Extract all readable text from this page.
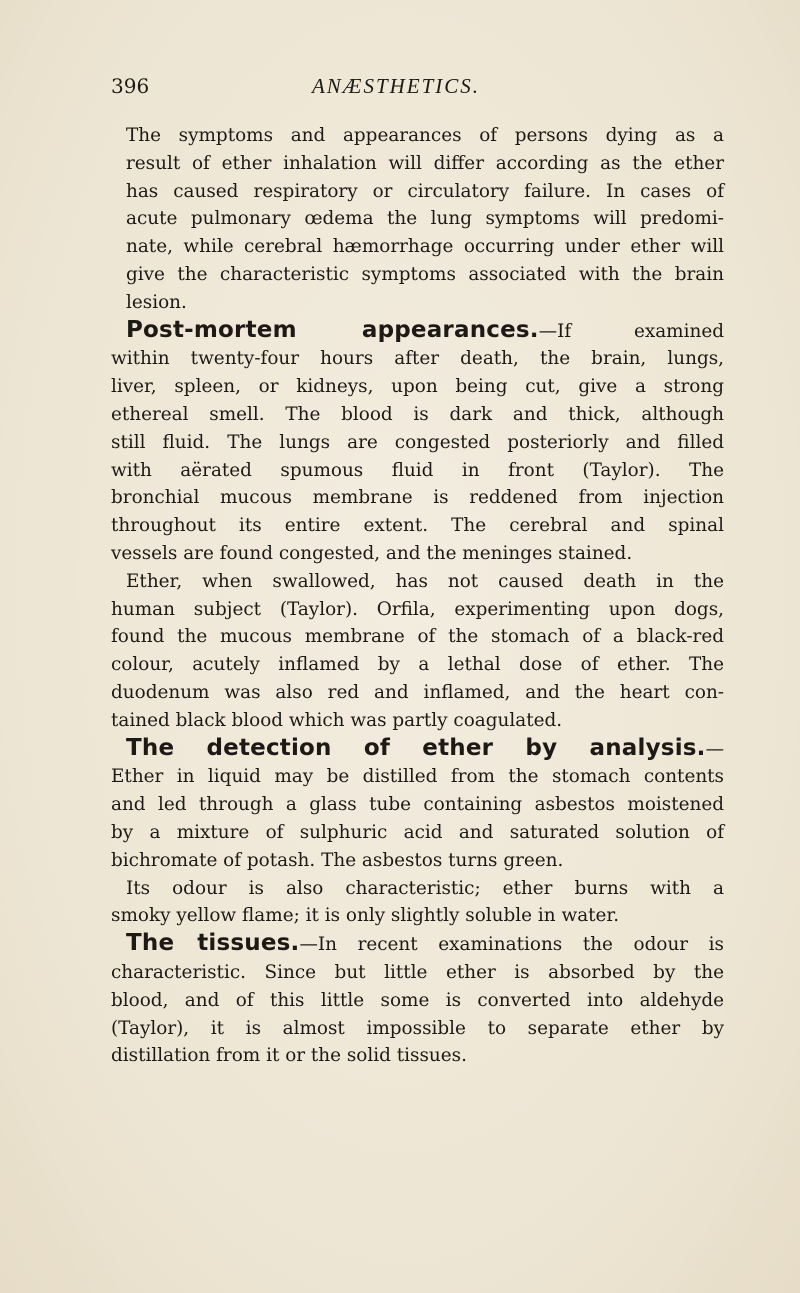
396	ANÆSTHETICS.

The symptoms and appearances of persons dying as a
result of ether inhalation will differ according as the ether
has caused respiratory or circulatory failure. In cases of
acute pulmonary œdema the lung symptoms will predomi-
nate, while cerebral hæmorrhage occurring under ether will
give the characteristic symptoms associated with the brain
lesion.

Post-mortem appearances.—If examined
within twenty-four hours after death, the brain, lungs,
liver, spleen, or kidneys, upon being cut, give a strong
ethereal smell. The blood is dark and thick, although
still fluid. The lungs are congested posteriorly and filled
with aërated spumous fluid in front (Taylor). The
bronchial mucous membrane is reddened from injection
throughout its entire extent. The cerebral and spinal
vessels are found congested, and the meninges stained.

Ether, when swallowed, has not caused death in the
human subject (Taylor). Orfila, experimenting upon dogs,
found the mucous membrane of the stomach of a black-red
colour, acutely inflamed by a lethal dose of ether. The
duodenum was also red and inflamed, and the heart con-
tained black blood which was partly coagulated.

The detection of ether by analysis.—
Ether in liquid may be distilled from the stomach contents
and led through a glass tube containing asbestos moistened
by a mixture of sulphuric acid and saturated solution of
bichromate of potash. The asbestos turns green.

Its odour is also characteristic; ether burns with a
smoky yellow flame; it is only slightly soluble in water.

The tissues.—In recent examinations the odour is
characteristic. Since but little ether is absorbed by the
blood, and of this little some is converted into aldehyde
(Taylor), it is almost impossible to separate ether by
distillation from it or the solid tissues.
